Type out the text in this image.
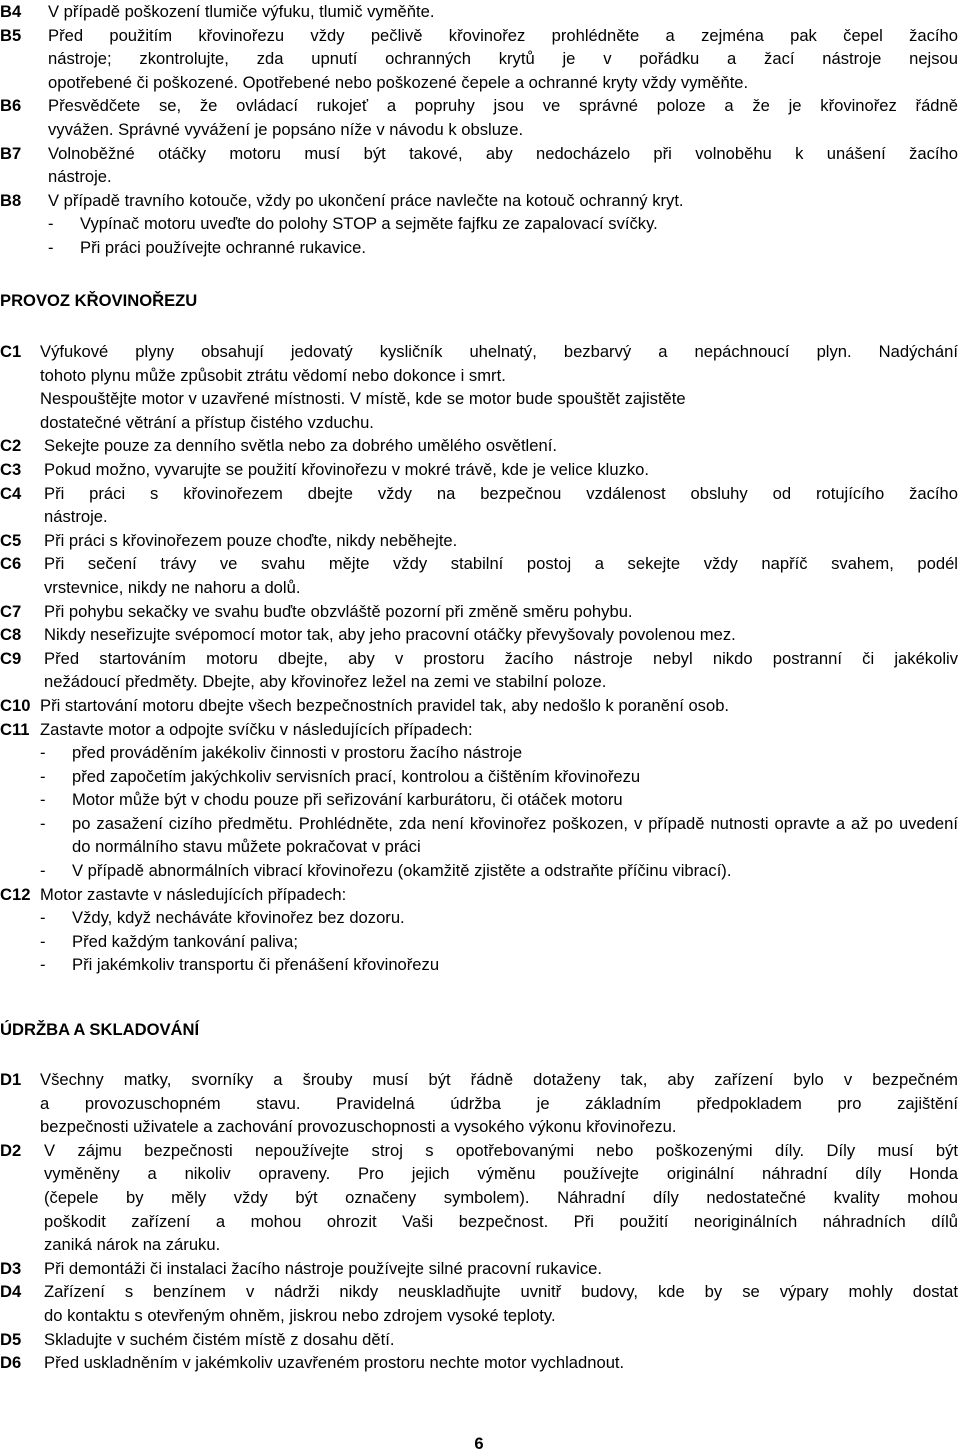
B4	V případě poškození tlumiče výfuku, tlumič vyměňte.
B5	Před použitím křovinořezu vždy pečlivě křovinořez prohlédněte a zejména pak čepel žacího
nástroje; zkontrolujte, zda upnutí ochranných krytů je v pořádku a žací nástroje nejsou
opotřebené či poškozené. Opotřebené nebo poškozené čepele a ochranné kryty vždy vyměňte.
B6	Přesvědčete se, že ovládací rukojeť a popruhy jsou ve správné poloze a že je křovinořez řádně
vyvážen. Správné vyvážení je popsáno níže v návodu k obsluze.
B7	Volnoběžné otáčky motoru musí být takové, aby nedocházelo při volnoběhu k unášení žacího
nástroje.
B8	V případě travního kotouče, vždy po ukončení práce navlečte na kotouč ochranný kryt.
-	Vypínač motoru uveďte do polohy STOP a sejměte fajfku ze zapalovací svíčky.
-	Při práci používejte ochranné rukavice.
PROVOZ KŘOVINOŘEZU
C1	Výfukové plyny obsahují jedovatý kysličník uhelnatý, bezbarvý a nepáchnoucí plyn. Nadýchání
tohoto plynu může způsobit ztrátu vědomí nebo dokonce i smrt.
Nespouštějte motor v uzavřené místnosti. V místě, kde se motor bude spouštět zajistěte
dostatečné větrání a přístup čistého vzduchu.
C2	Sekejte pouze za denního světla nebo za dobrého umělého osvětlení.
C3	Pokud možno, vyvarujte se použití křovinořezu v mokré trávě, kde je velice kluzko.
C4	Při práci s křovinořezem dbejte vždy na bezpečnou vzdálenost obsluhy od rotujícího žacího
nástroje.
C5	Při práci s křovinořezem pouze choďte, nikdy neběhejte.
C6	Při sečení trávy ve svahu mějte vždy stabilní postoj a sekejte vždy napříč svahem, podél
vrstevnice, nikdy ne nahoru a dolů.
C7	Při pohybu sekačky ve svahu buďte obzvláště pozorní při změně směru pohybu.
C8	Nikdy neseřizujte svépomocí motor tak, aby jeho pracovní otáčky převyšovaly povolenou mez.
C9	Před startováním motoru dbejte, aby v prostoru žacího nástroje nebyl nikdo postranní či jakékoliv
nežádoucí předměty. Dbejte, aby křovinořez ležel na zemi ve stabilní poloze.
C10 Při startování motoru dbejte všech bezpečnostních pravidel tak, aby nedošlo k poranění osob.
C11 Zastavte motor a odpojte svíčku v následujících případech:
-	před prováděním jakékoliv činnosti v prostoru žacího nástroje
-	před započetím jakýchkoliv servisních prací, kontrolou a čištěním křovinořezu
-	Motor může být v chodu pouze při seřizování karburátoru, či otáček motoru
-	po zasažení cizího předmětu. Prohlédněte, zda není křovinořez poškozen, v případě nutnosti opravte a až po uvedení do normálního stavu můžete pokračovat v práci
-	V případě abnormálních vibrací křovinořezu (okamžitě zjistěte a odstraňte příčinu vibrací).
C12 Motor zastavte v následujících případech:
-	Vždy, když necháváte křovinořez bez dozoru.
-	Před každým tankování paliva;
-	Při jakémkoliv transportu či přenášení křovinořezu
ÚDRŽBA A SKLADOVÁNÍ
D1	Všechny matky, svorníky a šrouby musí být řádně dotaženy tak, aby zařízení bylo v bezpečném
a provozuschopném stavu. Pravidelná údržba je základním předpokladem pro zajištění
bezpečnosti uživatele a zachování provozuschopnosti a vysokého výkonu křovinořezu.
D2	V zájmu bezpečnosti nepoužívejte stroj s opotřebovanými nebo poškozenými díly. Díly musí být
vyměněny a nikoliv opraveny. Pro jejich výměnu používejte originální náhradní díly Honda
(čepele by měly vždy být označeny symbolem). Náhradní díly nedostatečné kvality mohou
poškodit zařízení a mohou ohrozit Vaši bezpečnost. Při použití neoriginálních náhradních dílů
zaniká nárok na záruku.
D3	Při demontáži či instalaci žacího nástroje používejte silné pracovní rukavice.
D4	Zařízení s benzínem v nádrži nikdy neuskladňujte uvnitř budovy, kde by se výpary mohly dostat
do kontaktu s otevřeným ohněm, jiskrou nebo zdrojem vysoké teploty.
D5	Skladujte v suchém čistém místě z dosahu dětí.
D6	Před uskladněním v jakémkoliv uzavřeném prostoru nechte motor vychladnout.
6
